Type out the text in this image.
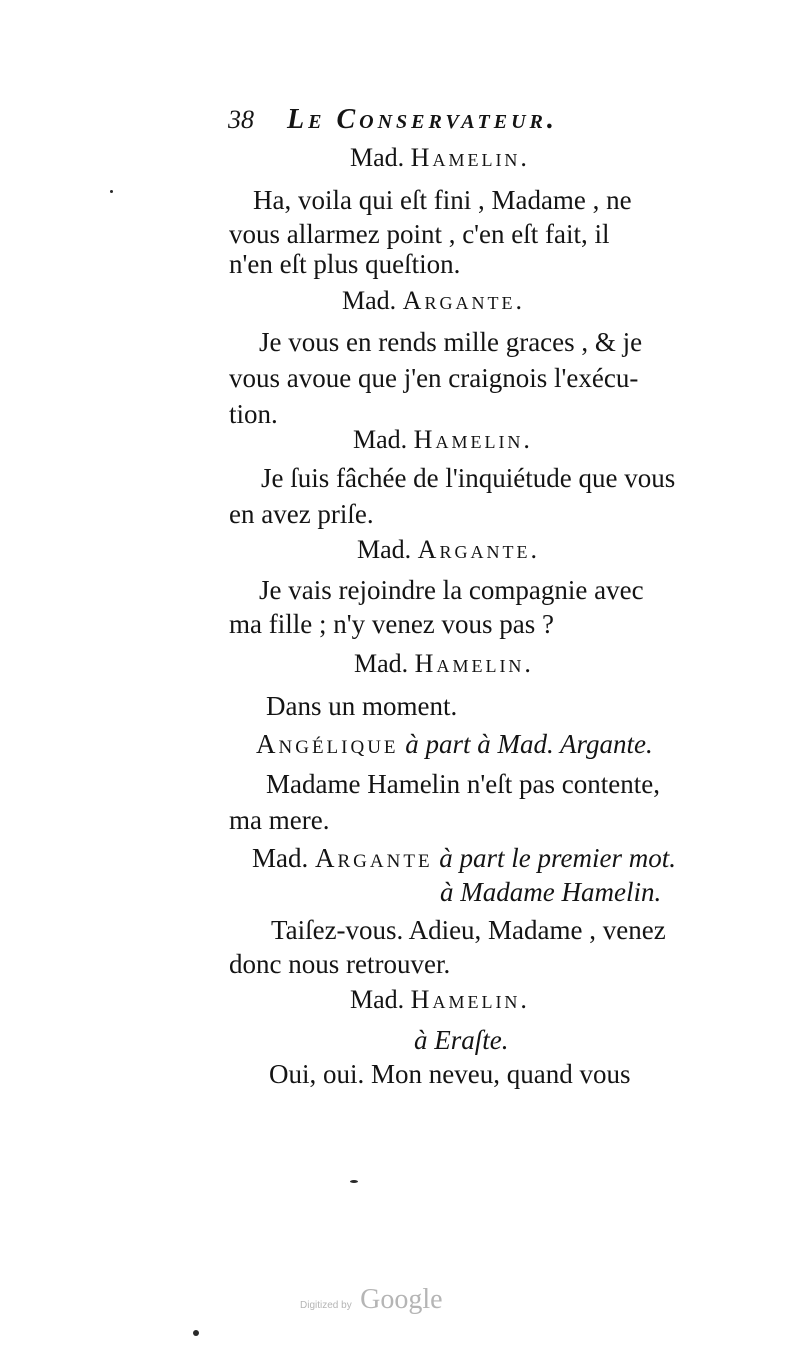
38 Le Conservateur.
Mad. Hamelin.
Ha, voila qui eſt fini , Madame , ne
vous allarmez point , c'en eſt fait, il
n'en eſt plus queſtion.
Mad. Argante.
Je vous en rends mille graces , & je
vous avoue que j'en craignois l'exécu-
tion.
Mad. Hamelin.
Je ſuis fâchée de l'inquiétude que vous
en avez priſe.
Mad. Argante.
Je vais rejoindre la compagnie avec
ma fille ; n'y venez vous pas ?
Mad. Hamelin.
Dans un moment.
Angélique à part à Mad. Argante.
Madame Hamelin n'eſt pas contente,
ma mere.
Mad. Argante à part le premier mot.
à Madame Hamelin.
Taiſez-vous. Adieu, Madame , venez
donc nous retrouver.
Mad. Hamelin.
à Eraſte.
Oui, oui. Mon neveu, quand vous
Digitized by Google
